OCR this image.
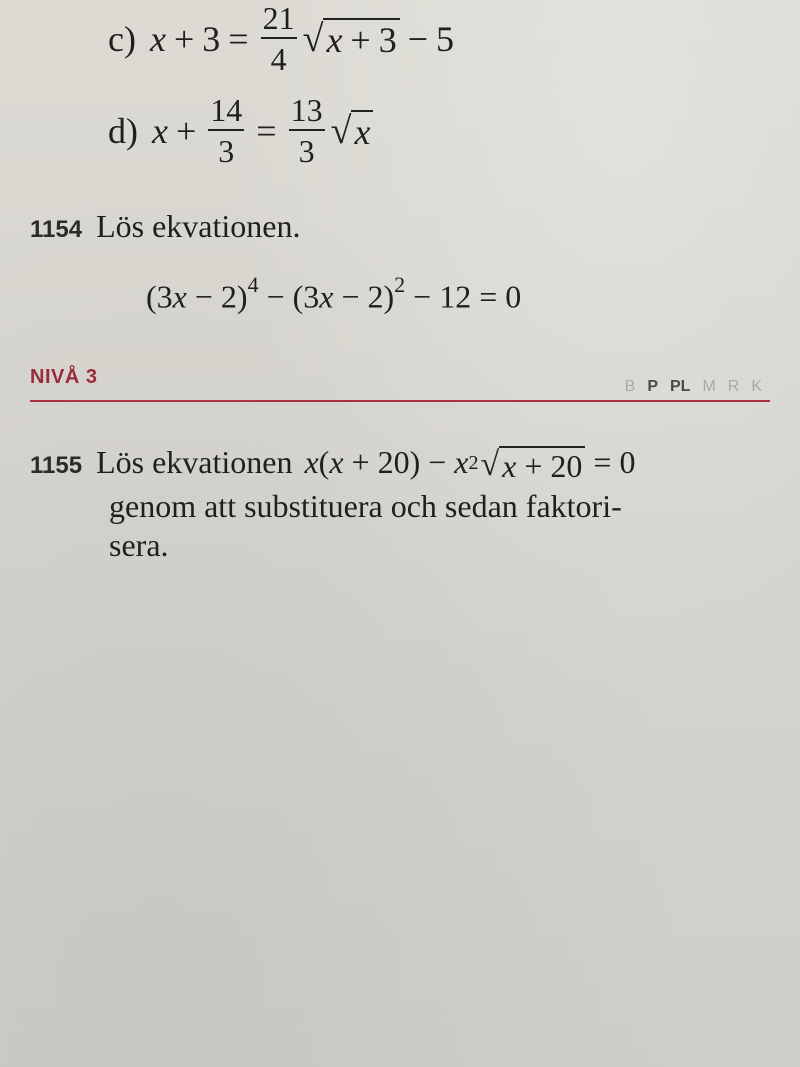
c) $x + 3 = \frac{21}{4}$ √ x + 3 − 5
d) $x + \frac{14}{3} = \frac{13}{3}$ √ x
1154 Lös ekvationen.
$(3x - 2)^4 - (3x - 2)^2 - 12 = 0$
NIVÅ 3	B P PL M R K
1155 Lös ekvationen x ( x + 20) − x 2 √ x + 20 = 0
genom att substituera och sedan faktori-
sera.
